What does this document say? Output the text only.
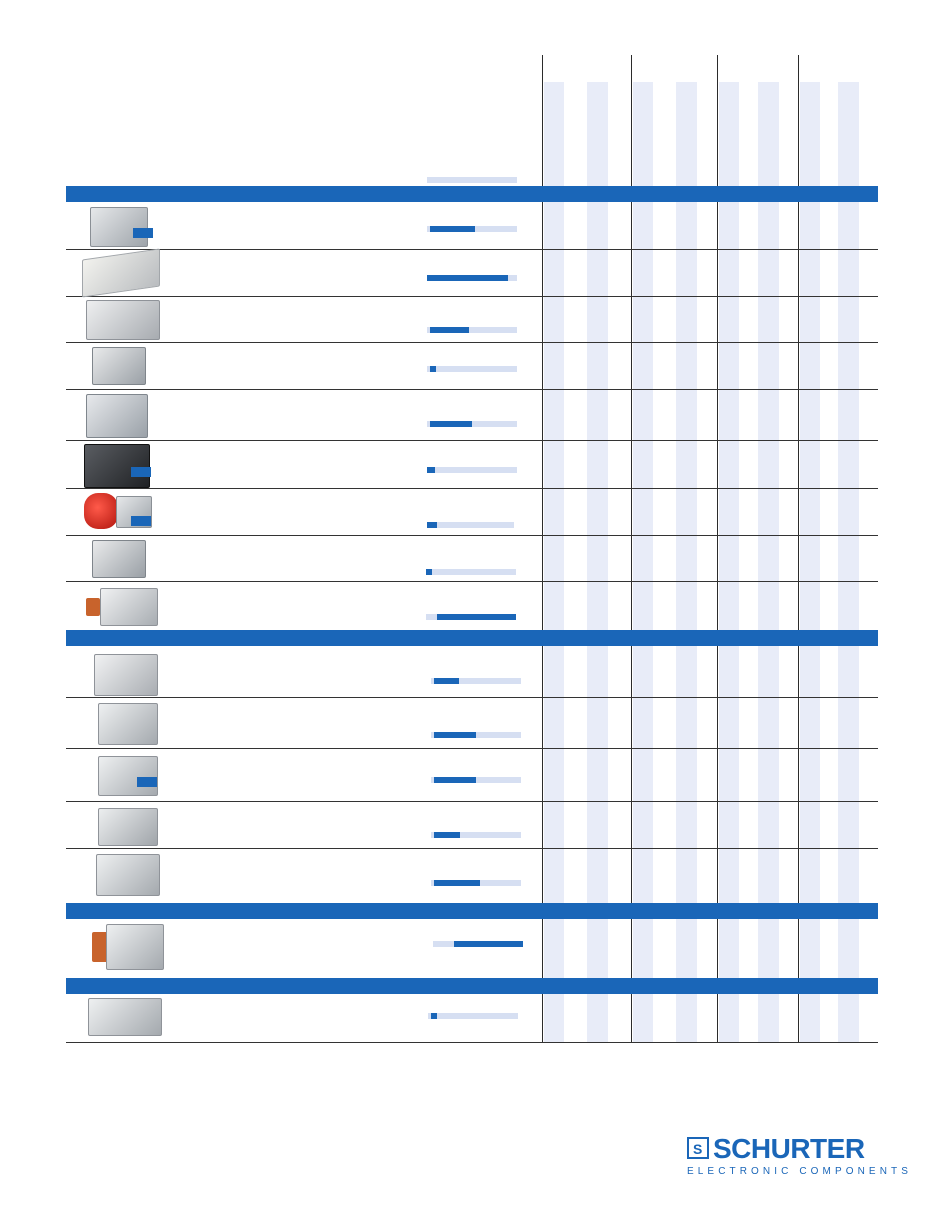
S SCHURTER
ELECTRONIC COMPONENTS
